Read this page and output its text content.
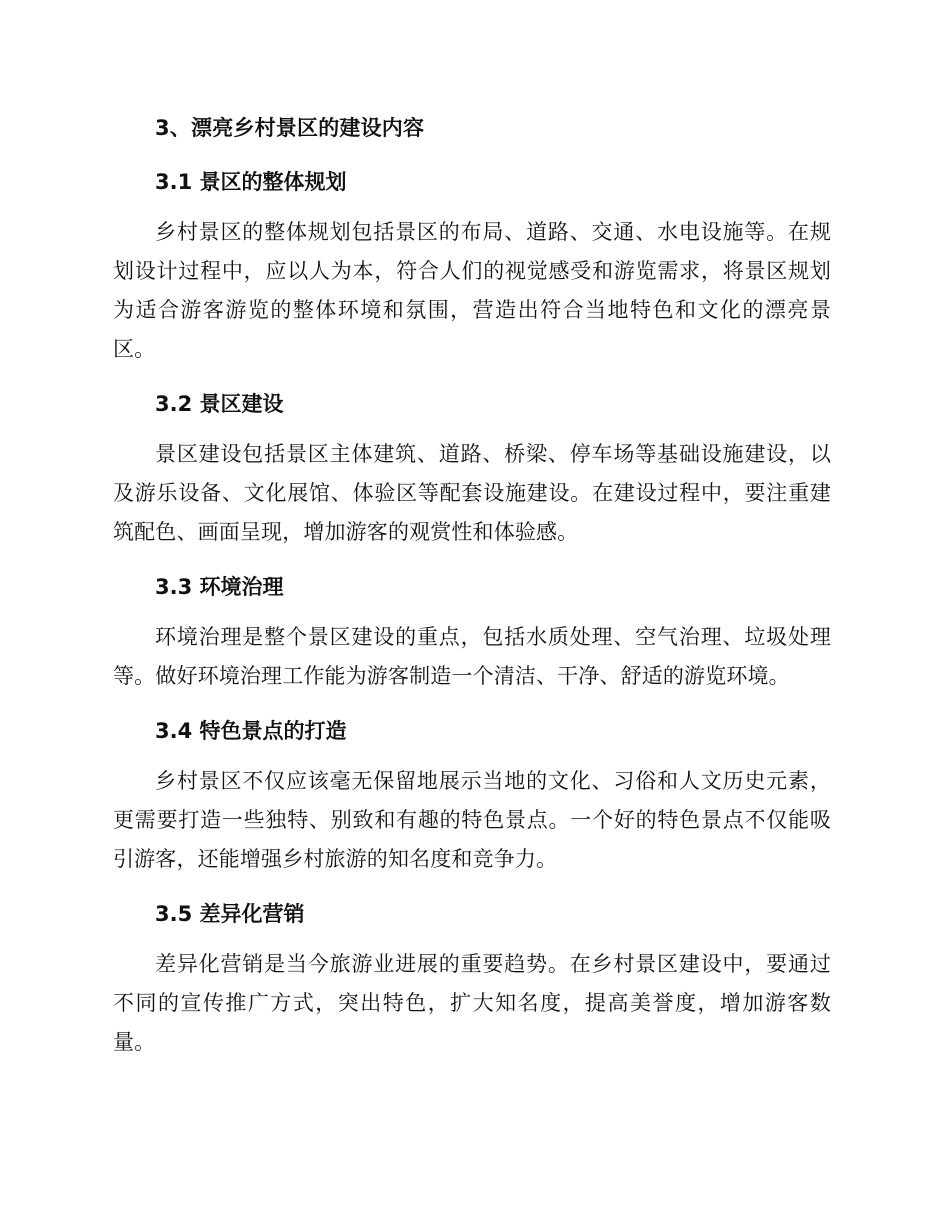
3、漂亮乡村景区的建设内容
3.1 景区的整体规划

乡村景区的整体规划包括景区的布局、道路、交通、水电设施等。在规划设计过程中，应以人为本，符合人们的视觉感受和游览需求，将景区规划为适合游客游览的整体环境和氛围，营造出符合当地特色和文化的漂亮景区。

3.2 景区建设

景区建设包括景区主体建筑、道路、桥梁、停车场等基础设施建设，以及游乐设备、文化展馆、体验区等配套设施建设。在建设过程中，要注重建筑配色、画面呈现，增加游客的观赏性和体验感。

3.3 环境治理

环境治理是整个景区建设的重点，包括水质处理、空气治理、垃圾处理等。做好环境治理工作能为游客制造一个清洁、干净、舒适的游览环境。

3.4 特色景点的打造

乡村景区不仅应该毫无保留地展示当地的文化、习俗和人文历史元素，更需要打造一些独特、别致和有趣的特色景点。一个好的特色景点不仅能吸引游客，还能增强乡村旅游的知名度和竞争力。

3.5 差异化营销

差异化营销是当今旅游业进展的重要趋势。在乡村景区建设中，要通过不同的宣传推广方式，突出特色，扩大知名度，提高美誉度，增加游客数量。
